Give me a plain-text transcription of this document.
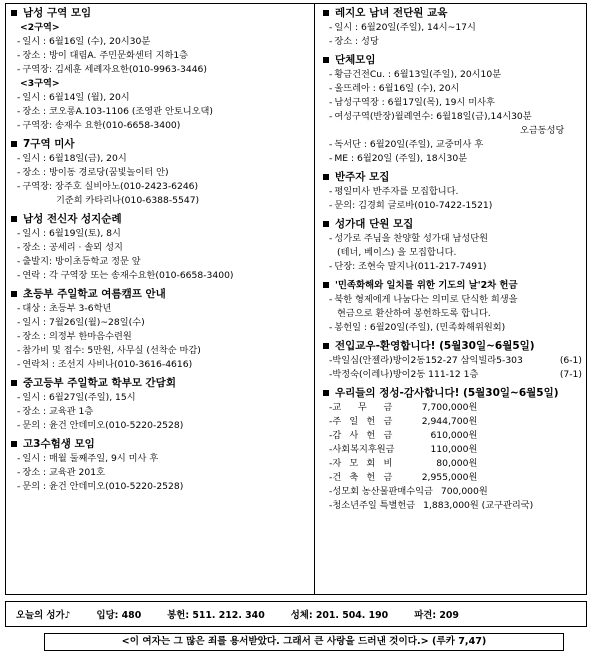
남성 구역 모임
<2구역>
- 일시 : 6월16일 (수), 20시30분
- 장소 : 방이 대림A. 주민문화센터 지하1층
- 구역장: 김세훈 세례자요한(010-9963-3446)
<3구역>
- 일시 : 6월14일 (월), 20시
- 장소 : 코오롱A.103-1106 (조영관 안토니오댁)
- 구역장: 송재수 요한(010-6658-3400)
7구역 미사
- 일시 : 6월18일(금), 20시
- 장소 : 방이동 경로당(꿈빛놀이터 안)
- 구역장: 장주호 실비아노(010-2423-6246)
기준희 카타리나(010-6388-5547)
남성 전신자 성지순례
- 일시 : 6월19일(토), 8시
- 장소 : 공세리 · 솔뫼 성지
- 출발지: 방이초등학교 정문 앞
- 연락 : 각 구역장 또는 송재수요한(010-6658-3400)
초등부 주일학교 여름캠프 안내
- 대상 : 초등부 3-6학년
- 일시 : 7월26일(월)~28일(수)
- 장소 : 의정부 한마음수련원
- 참가비 및 접수: 5만원, 사무실 (선착순 마감)
- 연락처 : 조선지 사비나(010-3616-4616)
중고등부 주일학교 학부모 간담회
- 일시 : 6월27일(주일), 15시
- 장소 : 교육관 1층
- 문의 : 윤건 안데미오(010-5220-2528)
고3수험생 모임
- 일시 : 매월 둘째주일, 9시 미사 후
- 장소 : 교육관 201호
- 문의 : 윤건 안데미오(010-5220-2528)
레지오 남녀 전단원 교육
- 일시 : 6월20일(주일), 14시~17시
- 장소 : 성당
단체모임
- 황금건전Cu. : 6월13일(주일), 20시10분
- 울뜨레아 : 6월16일 (수), 20시
- 남성구역장 : 6월17일(목), 19시 미사후
- 여성구역(반장)월례연수: 6월18일(금),14시30분
오금동성당
- 독서단 : 6월20일(주일), 교중미사 후
- ME : 6월20일 (주일), 18시30분
반주자 모집
- 평일미사 반주자를 모집합니다.
- 문의: 김경희 글로바(010-7422-1521)
성가대 단원 모집
- 성가로 주님을 찬양할 성가대 남성단원
(테너, 베이스) 을 모집합니다.
- 단장: 조현숙 말지나(011-217-7491)
'민족화해와 일치를 위한 기도의 날'2차 헌금
- 북한 형제에게 나눔다는 의미로 단식한 희생을
현금으로 환산하여 봉헌하도록 합니다.
- 봉헌일 : 6월20일(주일), (민족화해위원회)
전입교우-환영합니다! (5월30일~6월5일)
- 박일심(안젤라)방이2동152-27 삼익빌라5-303	(6-1)
- 박정숙(이레나)방이2동 111-12 1층	(7-1)
우리들의 정성-감사합니다! (5월30일~6월5일)
- 교 무 금	7,700,000원
- 주 일 헌 금	2,944,700원
- 감 사 헌 금	610,000원
- 사회복지후원금	110,000원
- 자 모 회 비	80,000원
- 건 축 헌 금	2,955,000원
- 성모회 농산물판매수익금 700,000원
- 청소년주일 특별헌금 1,883,000원 (교구관리국)
오늘의 성가♪	입당: 480	봉헌: 511. 212. 340	성체: 201. 504. 190	파견: 209
<이 여자는 그 많은 죄를 용서받았다. 그래서 큰 사랑을 드러낸 것이다.> (루카 7,47)
